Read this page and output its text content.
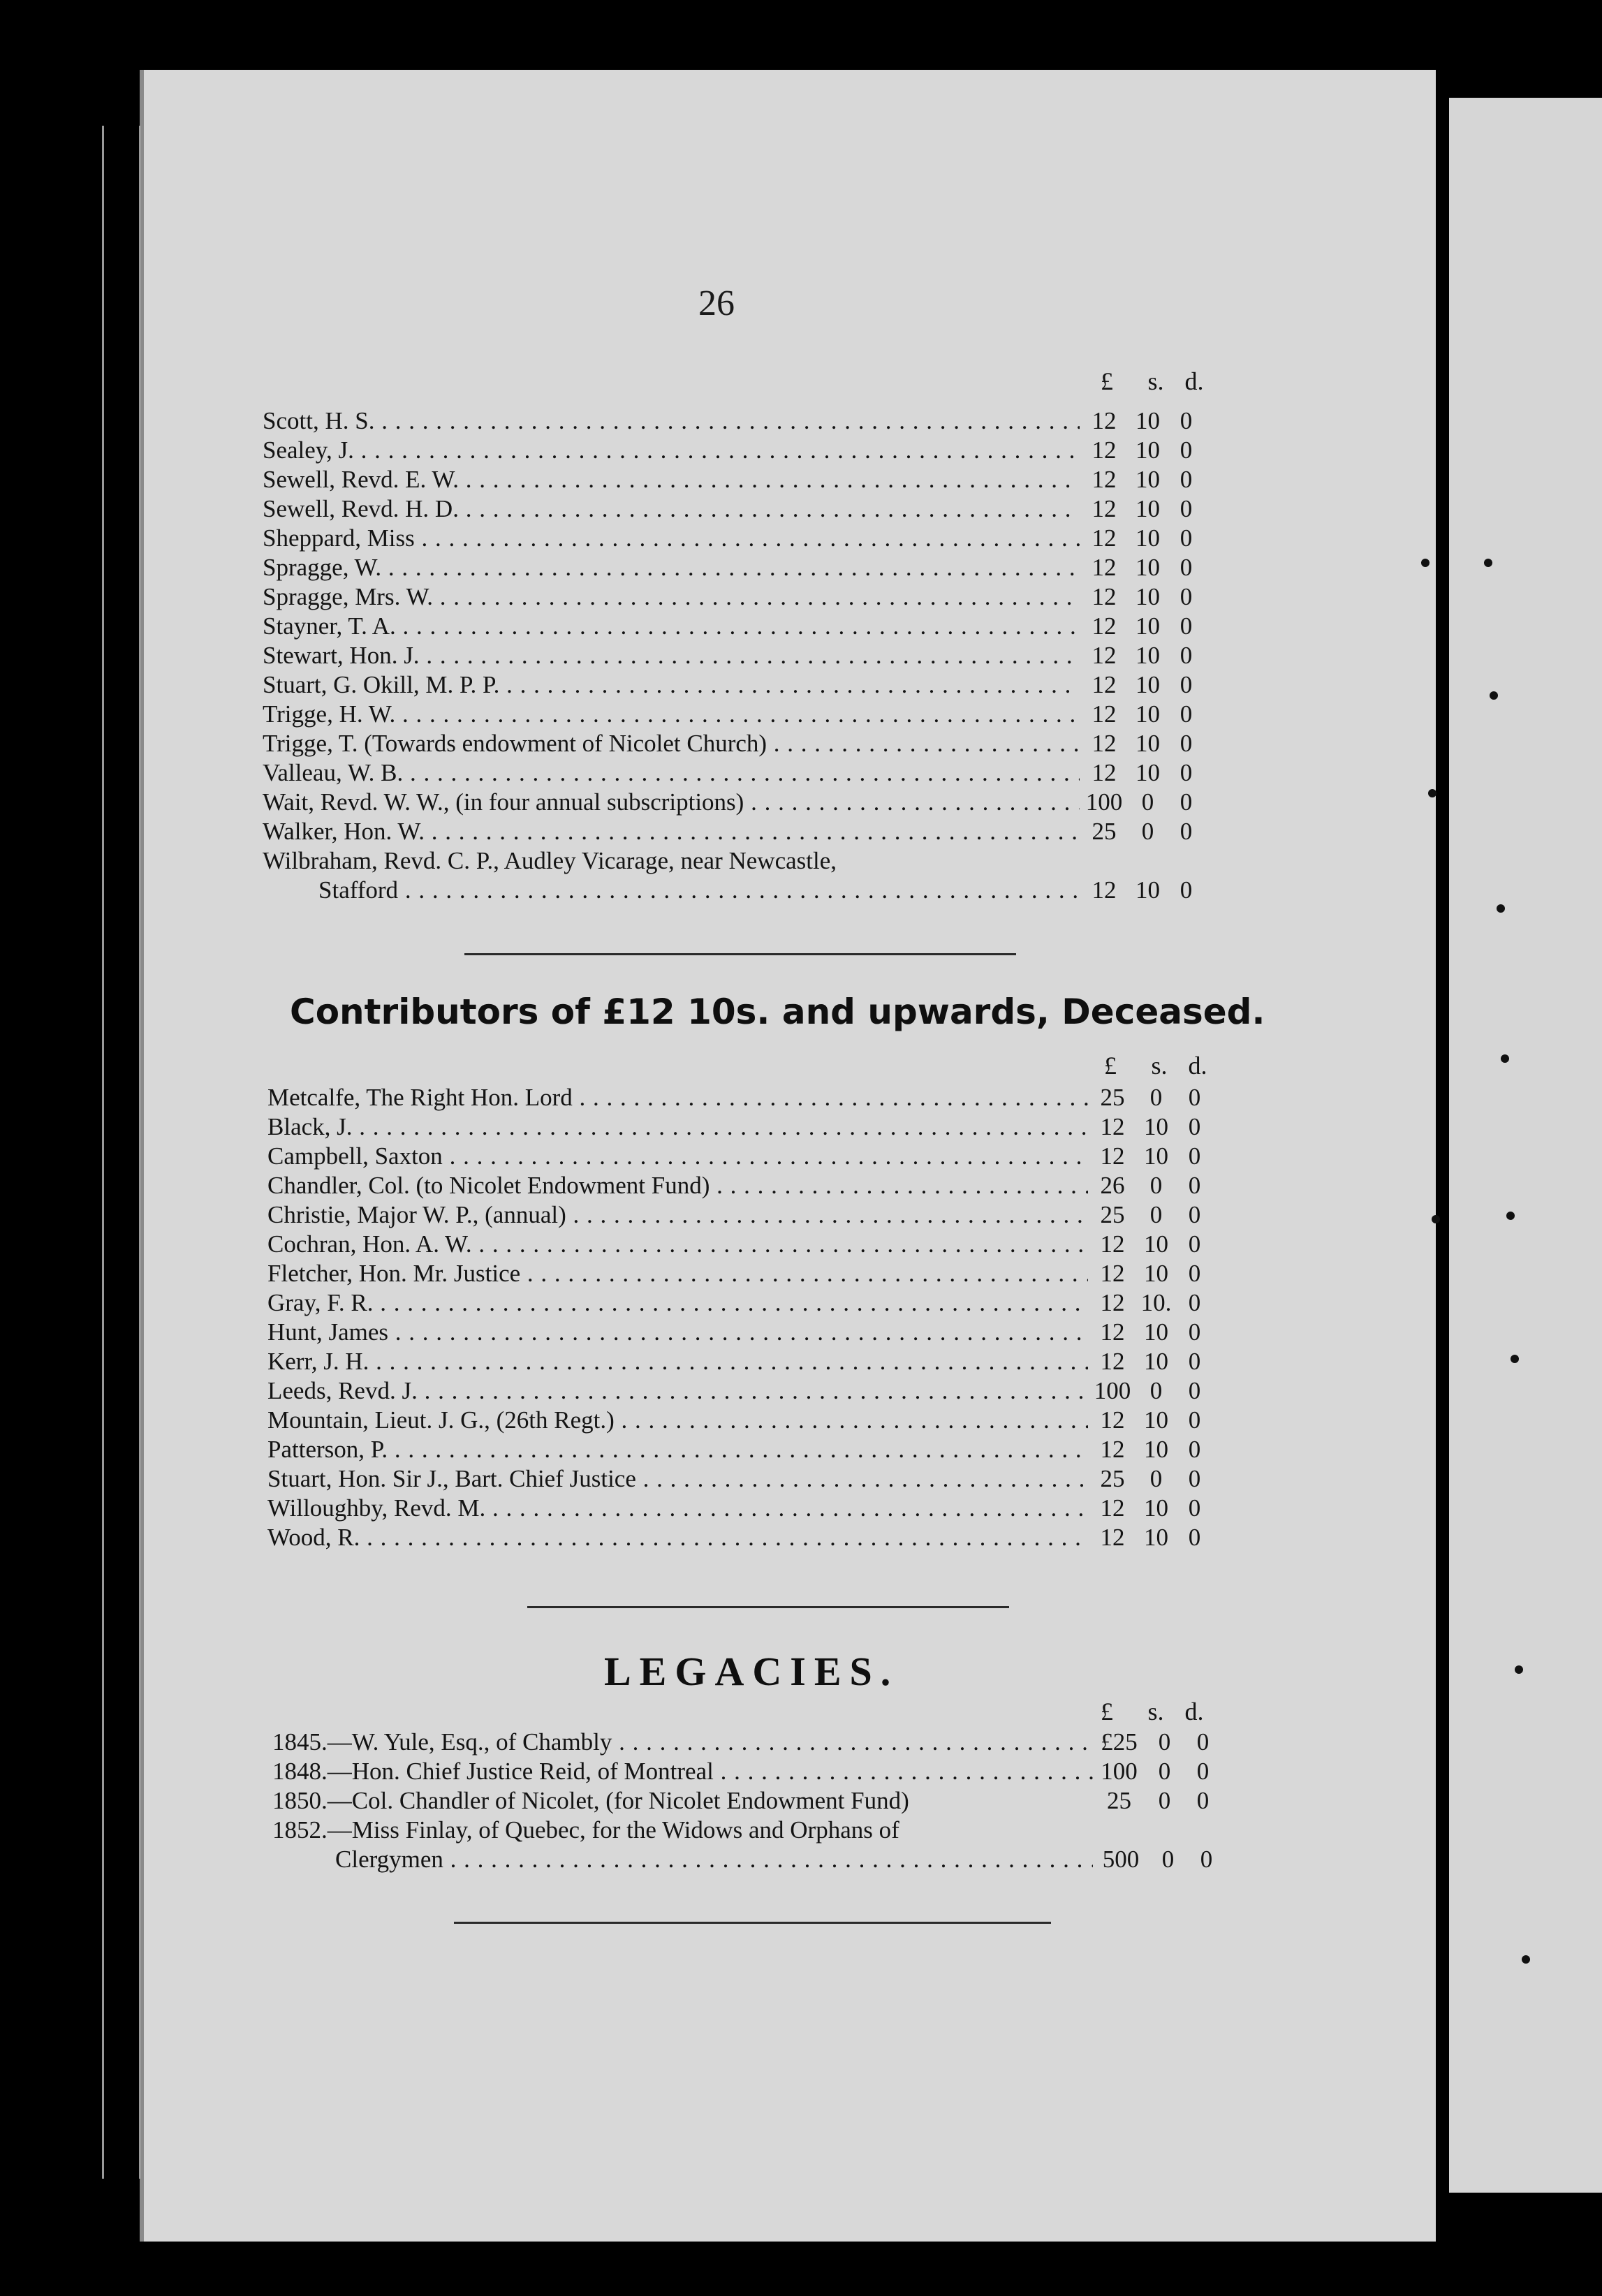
26
£	s. d.
Scott, H. S. . . .	12 10 0
Sealey, J. . . .	12 10 0
Sewell, Revd. E. W. . . .	12 10 0
Sewell, Revd. H. D. . . .	12 10 0
Sheppard, Miss . . .	12 10 0
Spragge, W. . . .	12 10 0
Spragge, Mrs. W. . . .	12 10 0
Stayner, T. A. . . .	12 10 0
Stewart, Hon. J. . . .	12 10 0
Stuart, G. Okill, M. P. P. . . .	12 10 0
Trigge, H. W. . . .	12 10 0
Trigge, T. (Towards endowment of Nicolet Church) . . .	12 10 0
Valleau, W. B. . . .	12 10 0
Wait, Revd. W. W., (in four annual subscriptions) . . .	100 0	0
Walker, Hon. W. . . .	25	0	0
Wilbraham, Revd. C. P., Audley Vicarage, near Newcastle,
Stafford . . .	12 10 0
Contributors of £12 10s. and upwards, Deceased.
£	s. d.
Metcalfe, The Right Hon. Lord . . .	25	0	0
Black, J. . . .	12 10 0
Campbell, Saxton . . .	12 10 0
Chandler, Col. (to Nicolet Endowment Fund) . . .	26	0	0
Christie, Major W. P., (annual) . . .	25	0	0
Cochran, Hon. A. W. . . .	12 10 0
Fletcher, Hon. Mr. Justice . . .	12 10 0
Gray, F. R. . . .	12 10. 0
Hunt, James . . .	12 10 0
Kerr, J. H. . . .	12 10 0
Leeds, Revd. J. . . .	100 0	0
Mountain, Lieut. J. G., (26th Regt.) . . .	12 10 0
Patterson, P. . . .	12 10 0
Stuart, Hon. Sir J., Bart. Chief Justice . . .	25	0	0
Willoughby, Revd. M. . . .	12 10 0
Wood, R. . . .	12 10 0
LEGACIES.
£	s. d.
1845.—W. Yule, Esq., of Chambly . . .	£25 0	0
1848.—Hon. Chief Justice Reid, of Montreal . . .	100 0	0
1850.—Col. Chandler of Nicolet, (for Nicolet Endowment Fund)	25	0	0
1852.—Miss Finlay, of Quebec, for the Widows and Orphans of
Clergymen . . .	500 0	0
